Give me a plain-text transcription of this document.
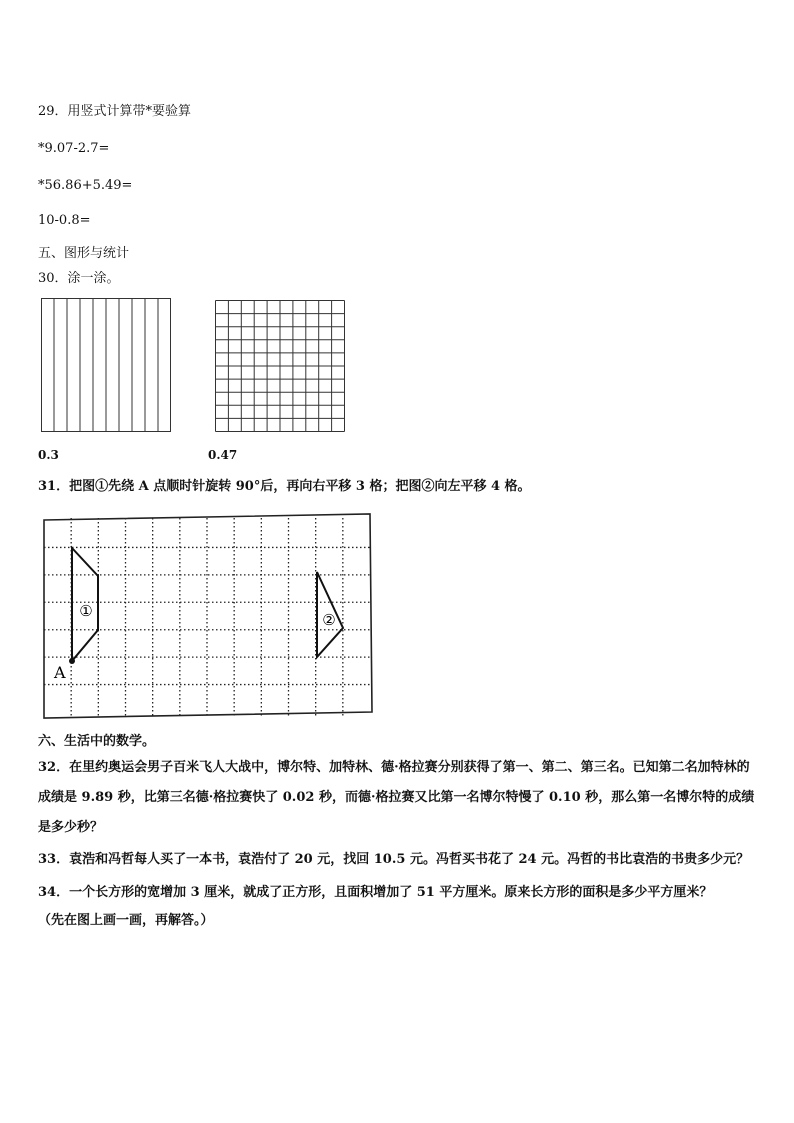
29．用竖式计算带*要验算
*9.07-2.7=
*56.86+5.49=
10-0.8=
五、图形与统计
30．涂一涂。
0.3	0.47
31．把图①先绕 A 点顺时针旋转 90°后，再向右平移 3 格；把图②向左平移 4 格。
①	②
A
六、生活中的数学。
32．在里约奥运会男子百米飞人大战中，博尔特、加特林、德·格拉赛分别获得了第一、第二、第三名。已知第二名加特林的成绩是 9.89 秒，比第三名德·格拉赛快了 0.02 秒，而德·格拉赛又比第一名博尔特慢了 0.10 秒，那么第一名博尔特的成绩是多少秒？
33．袁浩和冯哲每人买了一本书，袁浩付了 20 元，找回 10.5 元。冯哲买书花了 24 元。冯哲的书比袁浩的书贵多少元？
34．一个长方形的宽增加 3 厘米，就成了正方形，且面积增加了 51 平方厘米。原来长方形的面积是多少平方厘米？
（先在图上画一画，再解答。）
